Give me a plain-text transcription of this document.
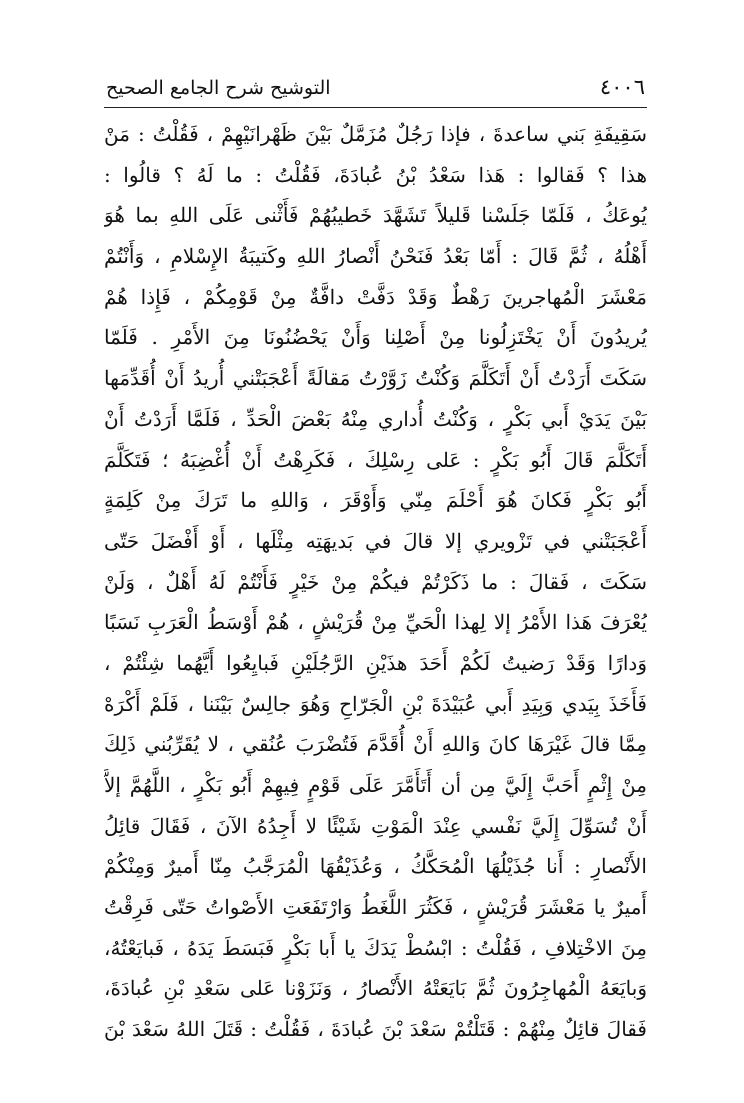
٤٠٠٦
التوشيح شرح الجامع الصحيح
سَقِيفَةِ بَني ساعدةَ ، فإذا رَجُلٌ مُزَمَّلٌ بَيْنَ ظَهْرانَيْهِمْ ، فَقُلْتُ : مَنْ
هذا ؟ فَقالوا : هَذا سَعْدُ بْنُ عُبادَةَ، فَقُلْتُ : ما لَهُ ؟ قالُوا :
يُوعَكُ ، فَلَمّا جَلَسْنا قَليلاً تَشَهَّدَ خَطيبُهُمْ فَأَثْنى عَلَى اللهِ بما هُوَ
أَهْلُهُ ، ثُمَّ قَالَ : أَمّا بَعْدُ فَنَحْنُ أَنْصارُ اللهِ وكَتيبَةُ الإِسْلامِ ، وَأَنْتُمْ
مَعْشَرَ الْمُهاجرينَ رَهْطٌ وَقَدْ دَفَّتْ دافَّةٌ مِنْ قَوْمِكُمْ ، فَإِذا هُمْ
يُريدُونَ أَنْ يَخْتَزِلُونا مِنْ أَصْلِنا وَأَنْ يَحْضُنُونَا مِنَ الأَمْرِ . فَلَمّا
سَكَتَ أَرَدْتُ أَنْ أَتَكَلَّمَ وَكُنْتُ زَوَّرْتُ مَقالَةً أَعْجَبَتْني أُريدُ أَنْ أُقَدِّمَها
بَيْنَ يَدَيْ أَبي بَكْرٍ ، وَكُنْتُ أُداري مِنْهُ بَعْضَ الْحَدِّ ، فَلَمَّا أَرَدْتُ أَنْ
أَتَكَلَّمَ قَالَ أَبُو بَكْرٍ : عَلى رِسْلِكَ ، فَكَرِهْتُ أَنْ أُغْضِبَهُ ؛ فَتَكَلَّمَ
أَبُو بَكْرٍ فَكانَ هُوَ أَحْلَمَ مِنّي وَأَوْقَرَ ، وَاللهِ ما تَرَكَ مِنْ كَلِمَةٍ
أَعْجَبَتْني في تَزْويري إلا قالَ في بَديهَتِه مِثْلَها ، أَوْ أَفْضَلَ حَتّى
سَكَتَ ، فَقالَ : ما ذَكَرْتُمْ فيكُمْ مِنْ خَيْرٍ فَأَنْتُمْ لَهُ أَهْلٌ ، وَلَنْ
يُعْرَفَ هَذا الأَمْرُ إلا لِهذا الْحَيِّ مِنْ قُرَيْشٍ ، هُمْ أَوْسَطُ الْعَرَبِ نَسَبًا
وَدارًا وَقَدْ رَضيتُ لَكُمْ أَحَدَ هذَيْنِ الرَّجُلَيْنِ فَبايِعُوا أَيَّهُما شِئْتُمْ ،
فَأَخَذَ بِيَدي وَبِيَدِ أَبي عُبَيْدَةَ بْنِ الْجَرّاحِ وَهُوَ جالِسٌ بَيْنَنا ، فَلَمْ أَكْرَهْ
مِمَّا قالَ غَيْرَهَا كانَ وَاللهِ أَنْ أُقَدَّمَ فَتُضْرَبَ عُنُقي ، لا يُقَرِّبُني ذَلِكَ
مِنْ إِثْمٍ أَحَبَّ إِلَيَّ مِن أن أَتَأَمَّرَ عَلَى قَوْمٍ فِيهِمْ أَبُو بَكْرٍ ، اللَّهُمَّ إلاَّ
أَنْ تُسَوِّلَ إِلَيَّ نَفْسي عِنْدَ الْمَوْتِ شَيْئًا لا أَجِدُهُ الآنَ ، فَقَالَ قائِلُ
الأَنْصارِ : أَنا جُذَيْلُهَا الْمُحَكَّكُ ، وَعُذَيْقُهَا الْمُرَجَّبُ مِنّا أَميرٌ وَمِنْكُمْ
أَميرٌ يا مَعْشَرَ قُرَيْشٍ ، فَكَثُرَ اللَّغَطُ وَارْتَفَعَتِ الأَصْواتُ حَتّى فَرِقْتُ
مِنَ الاخْتِلافِ ، فَقُلْتُ : ابْسُطْ يَدَكَ يا أَبا بَكْرٍ فَبَسَطَ يَدَهُ ، فَبايَعْتُهُ،
وَبايَعَهُ الْمُهاجِرُونَ ثُمَّ بَايَعَتْهُ الأَنْصارُ ، وَنَزَوْنا عَلى سَعْدِ بْنِ عُبادَةَ،
فَقالَ قائِلٌ مِنْهُمْ : قَتَلْتُمْ سَعْدَ بْنَ عُبادَةَ ، فَقُلْتُ : قَتَلَ اللهُ سَعْدَ بْنَ
